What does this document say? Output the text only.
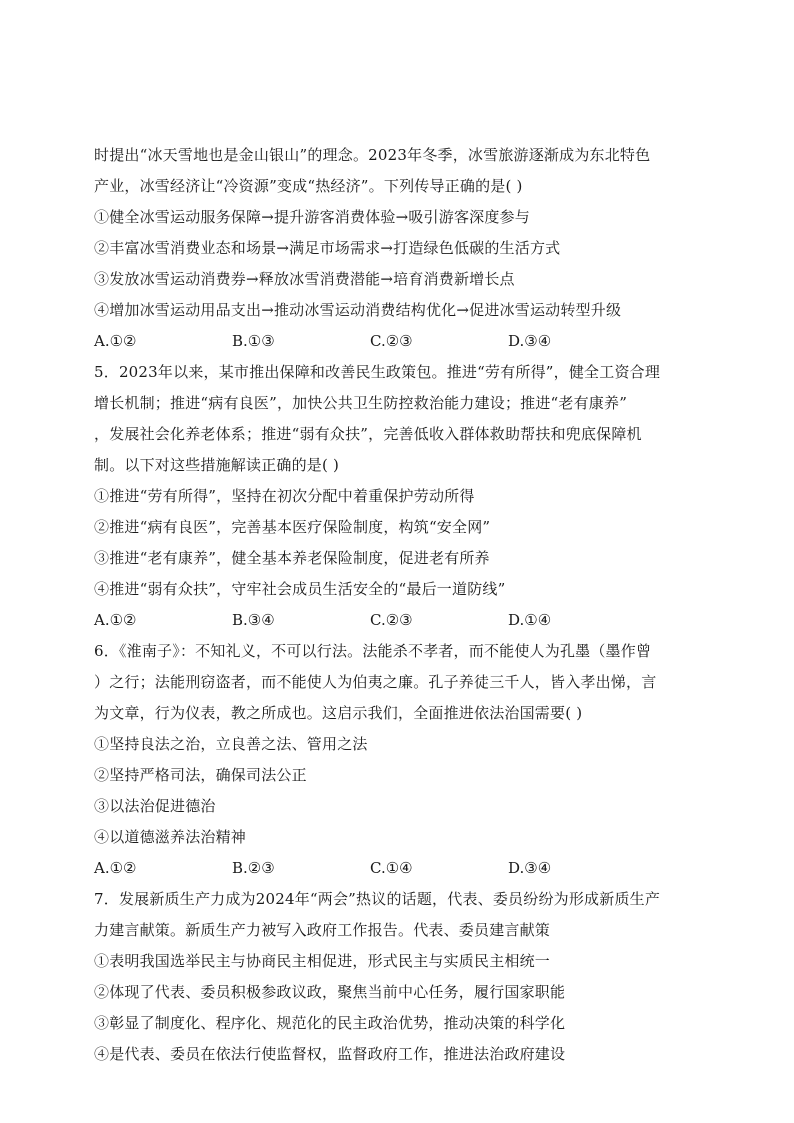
时提出“冰天雪地也是金山银山”的理念。2023年冬季，冰雪旅游逐渐成为东北特色
产业，冰雪经济让“冷资源”变成“热经济”。下列传导正确的是( )
①健全冰雪运动服务保障→提升游客消费体验→吸引游客深度参与
②丰富冰雪消费业态和场景→满足市场需求→打造绿色低碳的生活方式
③发放冰雪运动消费券→释放冰雪消费潜能→培育消费新增长点
④增加冰雪运动用品支出→推动冰雪运动消费结构优化→促进冰雪运动转型升级
A.①②	B.①③	C.②③	D.③④
5．2023年以来，某市推出保障和改善民生政策包。推进“劳有所得”，健全工资合理
增长机制；推进“病有良医”，加快公共卫生防控救治能力建设；推进“老有康养”
，发展社会化养老体系；推进“弱有众扶”，完善低收入群体救助帮扶和兜底保障机
制。以下对这些措施解读正确的是( )
①推进“劳有所得”，坚持在初次分配中着重保护劳动所得
②推进“病有良医”，完善基本医疗保险制度，构筑“安全网”
③推进“老有康养”，健全基本养老保险制度，促进老有所养
④推进“弱有众扶”，守牢社会成员生活安全的“最后一道防线”
A.①②	B.③④	C.②③	D.①④
6．《淮南子》：不知礼义，不可以行法。法能杀不孝者，而不能使人为孔墨（墨作曾
）之行；法能刑窃盗者，而不能使人为伯夷之廉。孔子养徒三千人，皆入孝出悌，言
为文章，行为仪表，教之所成也。这启示我们，全面推进依法治国需要( )
①坚持良法之治，立良善之法、管用之法
②坚持严格司法，确保司法公正
③以法治促进德治
④以道德滋养法治精神
A.①②	B.②③	C.①④	D.③④
7．发展新质生产力成为2024年“两会”热议的话题，代表、委员纷纷为形成新质生产
力建言献策。新质生产力被写入政府工作报告。代表、委员建言献策
①表明我国选举民主与协商民主相促进，形式民主与实质民主相统一
②体现了代表、委员积极参政议政，聚焦当前中心任务，履行国家职能
③彰显了制度化、程序化、规范化的民主政治优势，推动决策的科学化
④是代表、委员在依法行使监督权，监督政府工作，推进法治政府建设
